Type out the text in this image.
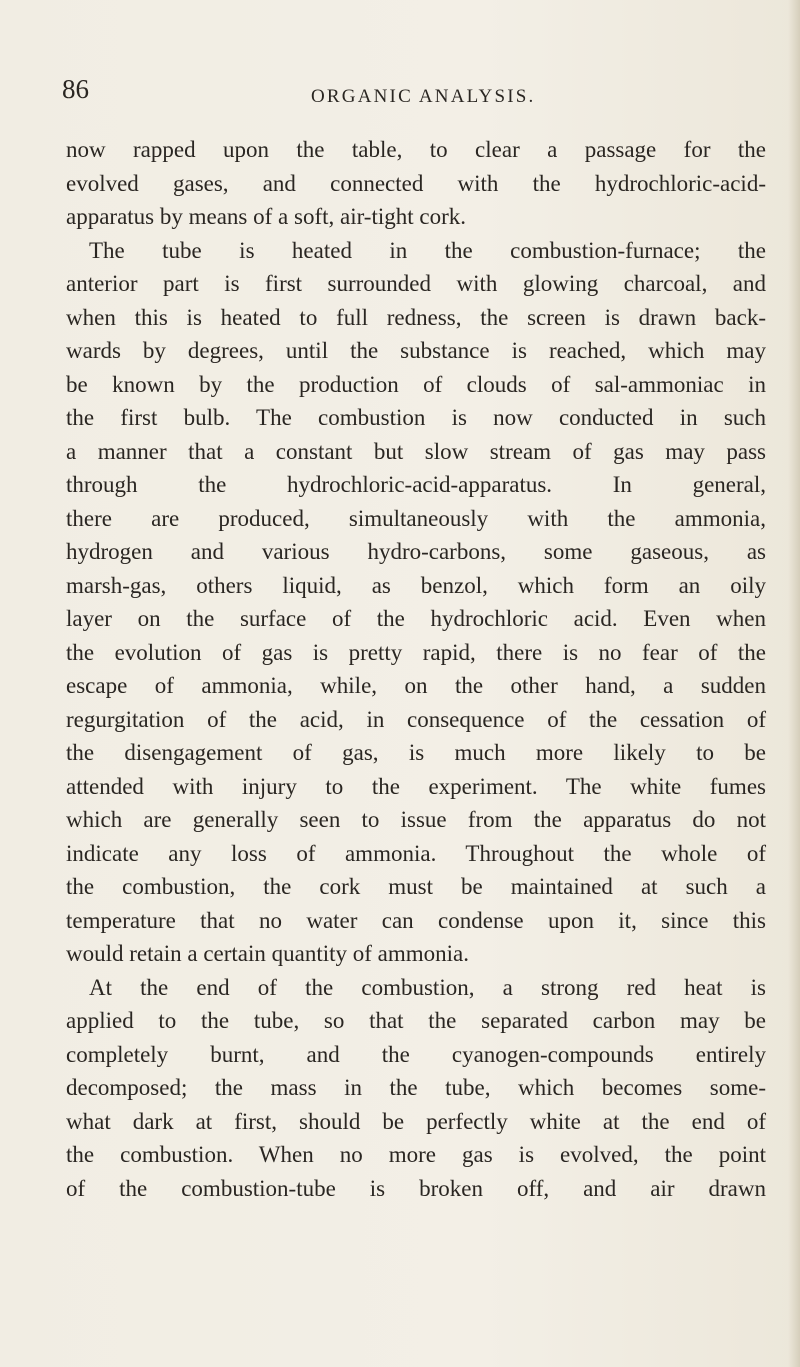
86	ORGANIC ANALYSIS.
now rapped upon the table, to clear a passage for the
evolved gases, and connected with the hydrochloric-acid-
apparatus by means of a soft, air-tight cork.
The tube is heated in the combustion-furnace; the
anterior part is first surrounded with glowing charcoal, and
when this is heated to full redness, the screen is drawn back-
wards by degrees, until the substance is reached, which may
be known by the production of clouds of sal-ammoniac in
the first bulb. The combustion is now conducted in such
a manner that a constant but slow stream of gas may pass
through the hydrochloric-acid-apparatus. In general,
there are produced, simultaneously with the ammonia,
hydrogen and various hydro-carbons, some gaseous, as
marsh-gas, others liquid, as benzol, which form an oily
layer on the surface of the hydrochloric acid. Even when
the evolution of gas is pretty rapid, there is no fear of the
escape of ammonia, while, on the other hand, a sudden
regurgitation of the acid, in consequence of the cessation of
the disengagement of gas, is much more likely to be
attended with injury to the experiment. The white fumes
which are generally seen to issue from the apparatus do not
indicate any loss of ammonia. Throughout the whole of
the combustion, the cork must be maintained at such a
temperature that no water can condense upon it, since this
would retain a certain quantity of ammonia.
At the end of the combustion, a strong red heat is
applied to the tube, so that the separated carbon may be
completely burnt, and the cyanogen-compounds entirely
decomposed; the mass in the tube, which becomes some-
what dark at first, should be perfectly white at the end of
the combustion. When no more gas is evolved, the point
of the combustion-tube is broken off, and air drawn
